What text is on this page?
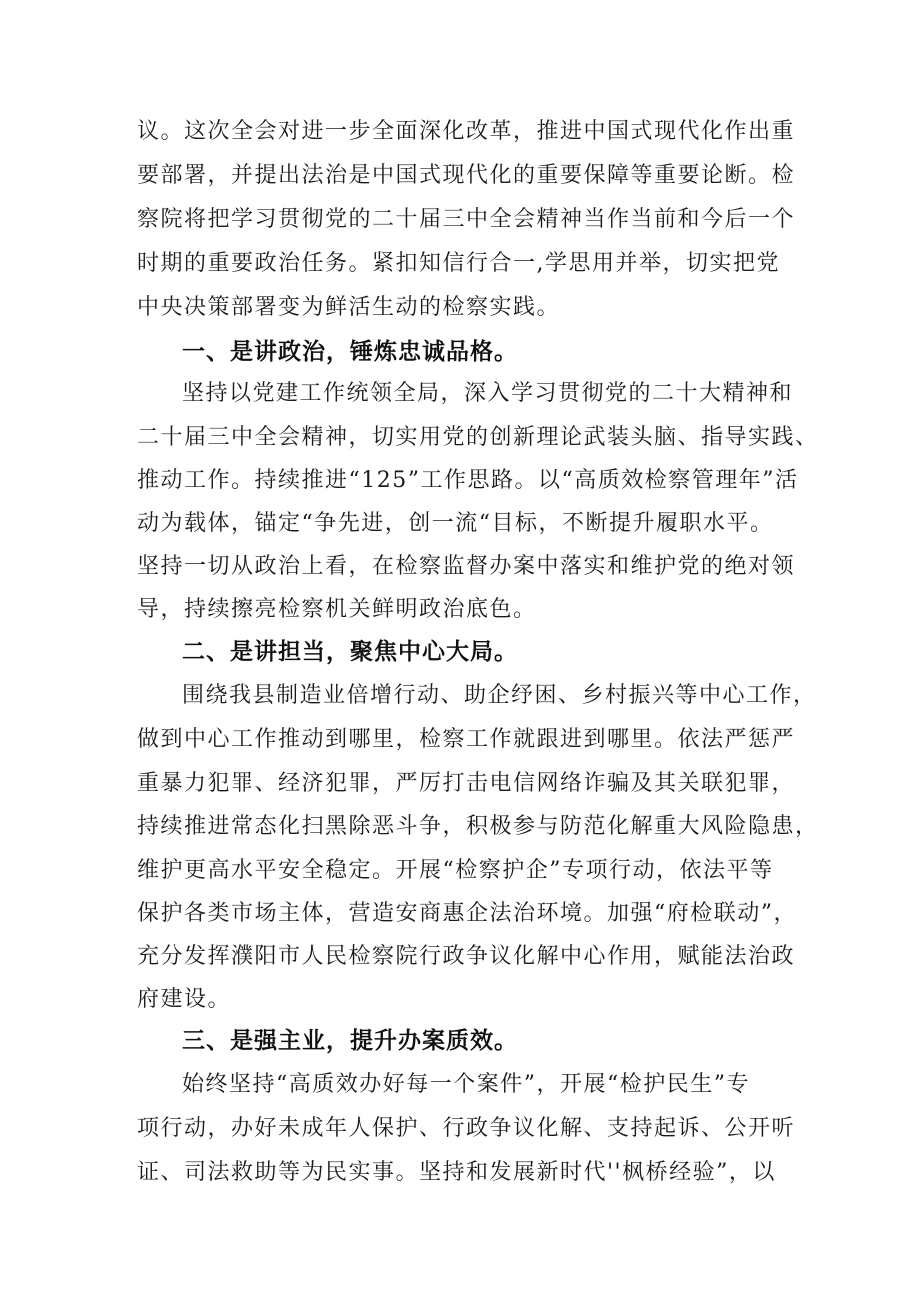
议。这次全会对进一步全面深化改革，推进中国式现代化作出重
要部署，并提出法治是中国式现代化的重要保障等重要论断。检
察院将把学习贯彻党的二十届三中全会精神当作当前和今后一个
时期的重要政治任务。紧扣知信行合一,学思用并举，切实把党
中央决策部署变为鲜活生动的检察实践。
一、是讲政治，锤炼忠诚品格。
坚持以党建工作统领全局，深入学习贯彻党的二十大精神和
二十届三中全会精神，切实用党的创新理论武装头脑、指导实践、
推动工作。持续推进“125”工作思路。以“高质效检察管理年”活
动为载体，锚定“争先进，创一流“目标，不断提升履职水平。
坚持一切从政治上看，在检察监督办案中落实和维护党的绝对领
导，持续擦亮检察机关鲜明政治底色。
二、是讲担当，聚焦中心大局。
围绕我县制造业倍增行动、助企纾困、乡村振兴等中心工作，
做到中心工作推动到哪里，检察工作就跟进到哪里。依法严惩严
重暴力犯罪、经济犯罪，严厉打击电信网络诈骗及其关联犯罪，
持续推进常态化扫黑除恶斗争，积极参与防范化解重大风险隐患，
维护更高水平安全稳定。开展“检察护企”专项行动，依法平等
保护各类市场主体，营造安商惠企法治环境。加强“府检联动”，
充分发挥濮阳市人民检察院行政争议化解中心作用，赋能法治政
府建设。
三、是强主业，提升办案质效。
始终坚持“高质效办好每一个案件”，开展“检护民生”专
项行动，办好未成年人保护、行政争议化解、支持起诉、公开听
证、司法救助等为民实事。坚持和发展新时代''枫桥经验”，以
